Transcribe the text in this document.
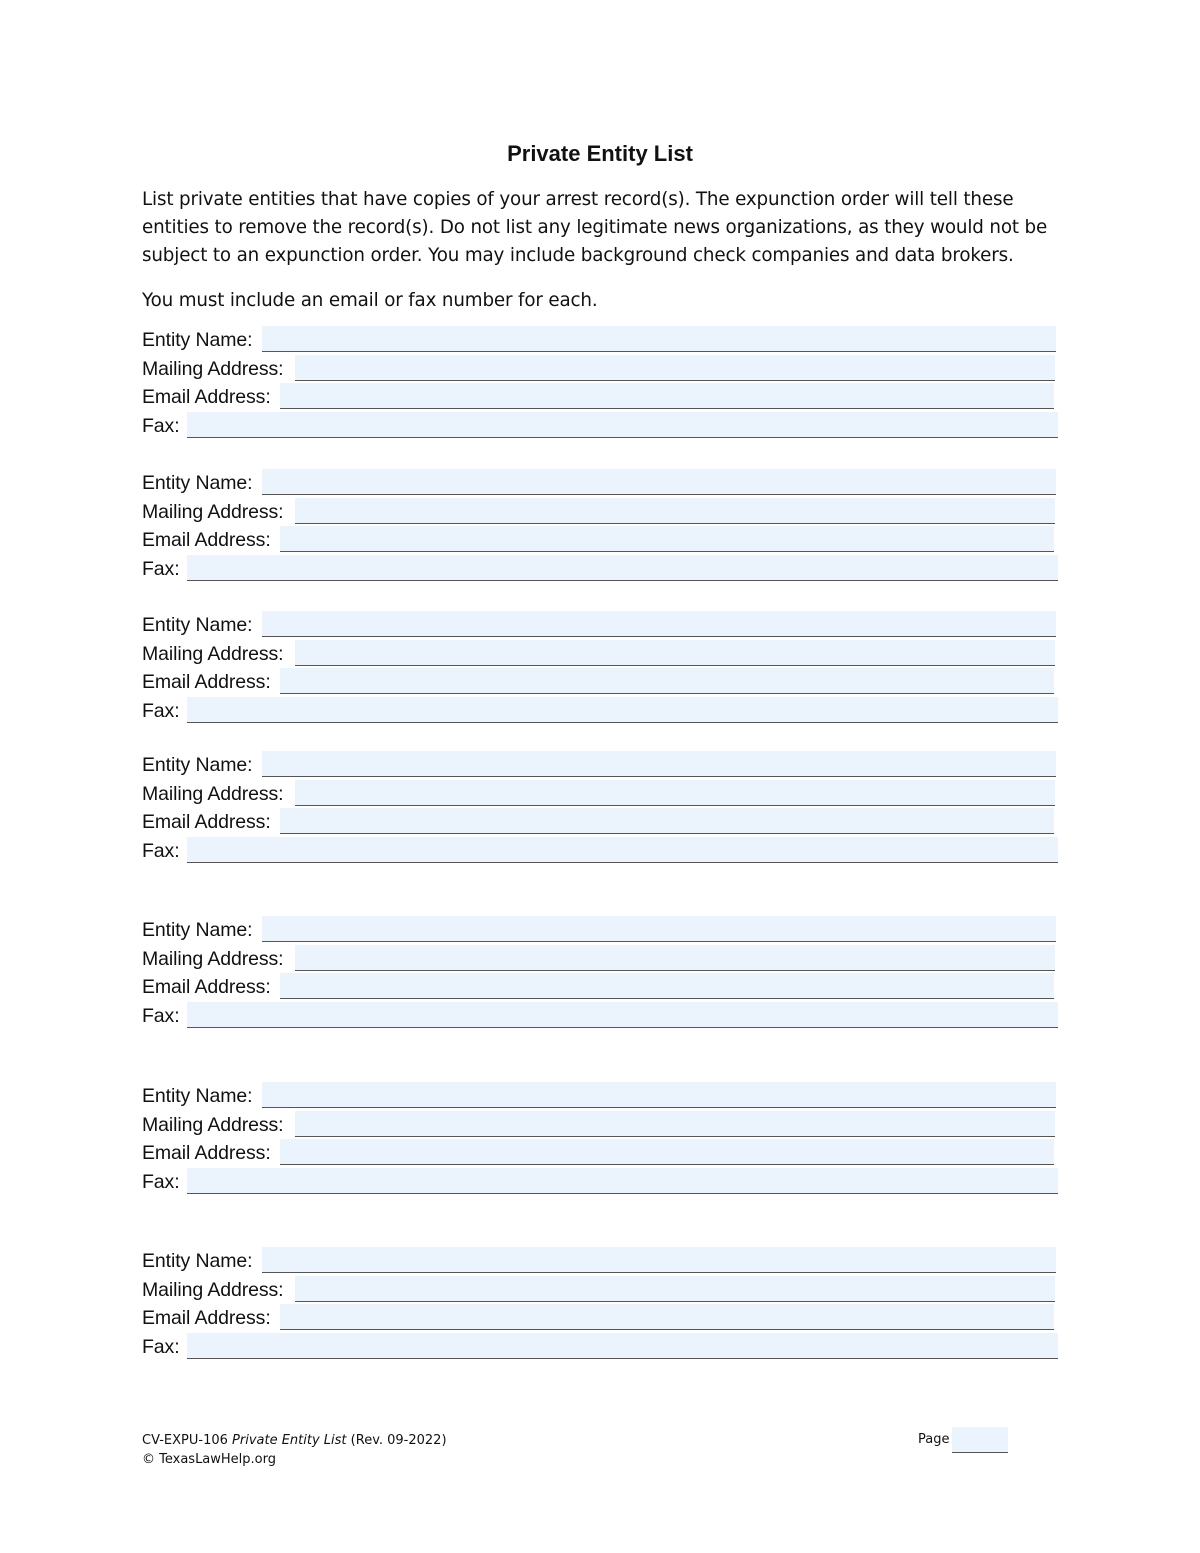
Private Entity List

List private entities that have copies of your arrest record(s). The expunction order will tell these entities to remove the record(s). Do not list any legitimate news organizations, as they would not be subject to an expunction order. You may include background check companies and data brokers.

You must include an email or fax number for each.

Entity Name:
Mailing Address:
Email Address:
Fax:
Entity Name:
Mailing Address:
Email Address:
Fax:
Entity Name:
Mailing Address:
Email Address:
Fax:
Entity Name:
Mailing Address:
Email Address:
Fax:
Entity Name:
Mailing Address:
Email Address:
Fax:
Entity Name:
Mailing Address:
Email Address:
Fax:
Entity Name:
Mailing Address:
Email Address:
Fax:
CV-EXPU-106 Private Entity List (Rev. 09-2022)
© TexasLawHelp.org
Page
